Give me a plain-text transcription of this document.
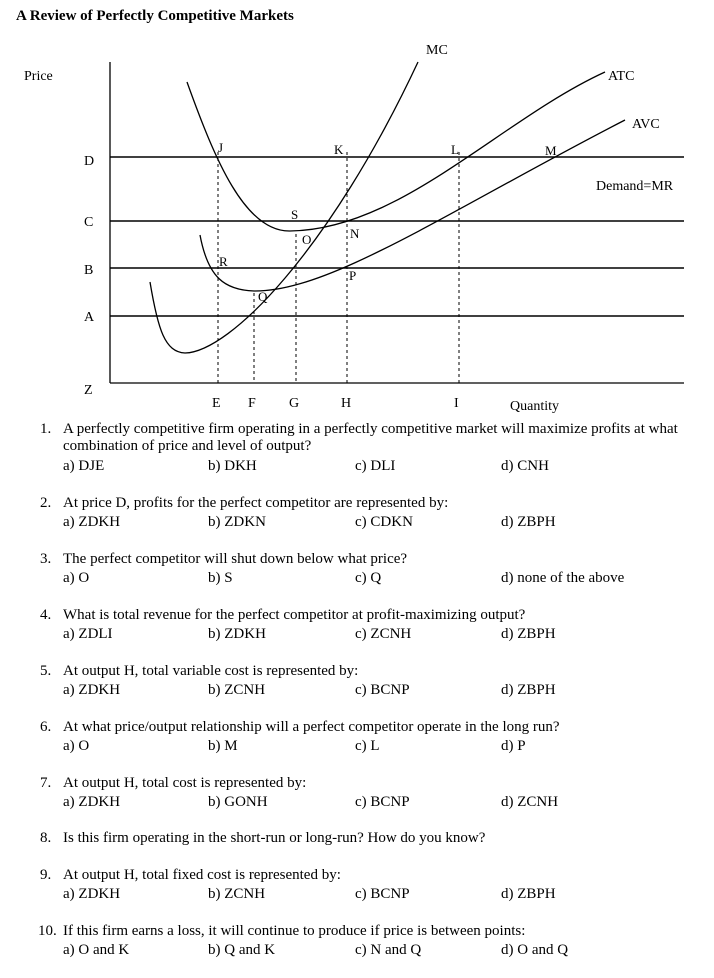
A Review of Perfectly Competitive Markets
Price
Quantity
MC
ATC
AVC
Demand=MR
D
C
B
A
Z
E F G	H	I
J	K	L	M
S
O	N
R
P
Q
1. A perfectly competitive firm operating in a perfectly competitive market will maximize profits at what combination of price and level of output?
a) DJE	b) DKH	c) DLI	d) CNH
2. At price D, profits for the perfect competitor are represented by:
a) ZDKH	b) ZDKN	c) CDKN	d) ZBPH
3. The perfect competitor will shut down below what price?
a) O	b) S	c) Q	d) none of the above
4. What is total revenue for the perfect competitor at profit-maximizing output?
a) ZDLI	b) ZDKH	c) ZCNH	d) ZBPH
5. At output H, total variable cost is represented by:
a) ZDKH	b) ZCNH	c) BCNP	d) ZBPH
6. At what price/output relationship will a perfect competitor operate in the long run?
a) O	b) M	c) L	d) P
7. At output H, total cost is represented by:
a) ZDKH	b) GONH	c) BCNP	d) ZCNH
8. Is this firm operating in the short-run or long-run? How do you know?
9. At output H, total fixed cost is represented by:
a) ZDKH	b) ZCNH	c) BCNP	d) ZBPH
10. If this firm earns a loss, it will continue to produce if price is between points:
a) O and K	b) Q and K	c) N and Q	d) O and Q
